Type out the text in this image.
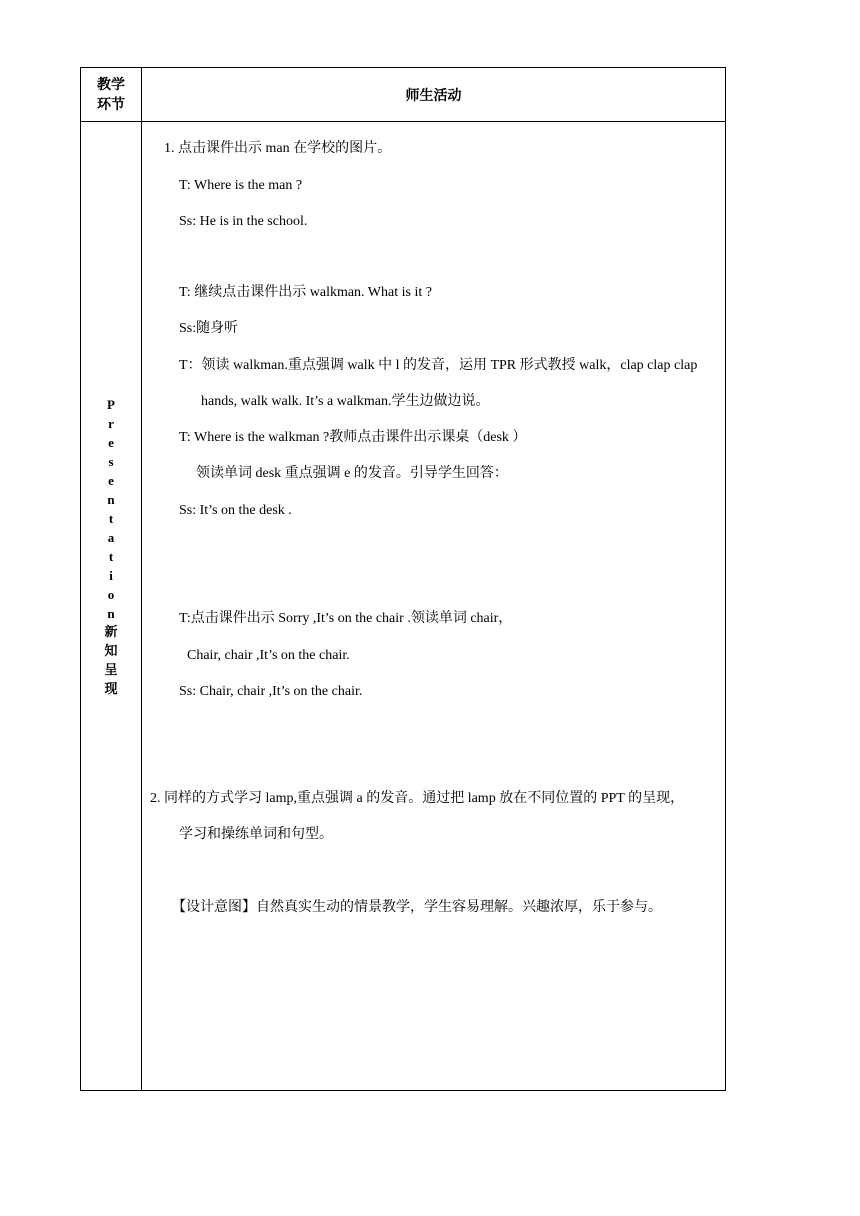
教学
环节
师生活动
P
r
e
s
e
n
t
a
t
i
o
n
新
知
呈
现
1. 点击课件出示 man 在学校的图片。
T: Where is the man ?
Ss: He is in the school.
T: 继续点击课件出示 walkman. What is it ?
Ss:随身听
T：领读 walkman.重点强调 walk 中 l 的发音，运用 TPR 形式教授 walk，clap clap clap
hands, walk walk. It’s a walkman.学生边做边说。
T: Where is the walkman ?教师点击课件出示课桌（desk ）
领读单词 desk 重点强调 e 的发音。引导学生回答：
Ss: It’s on the desk .
T:点击课件出示 Sorry ,It’s on the chair .领读单词 chair，
Chair, chair ,It’s on the chair.
Ss: Chair, chair ,It’s on the chair.
2. 同样的方式学习 lamp,重点强调 a 的发音。通过把 lamp 放在不同位置的 PPT 的呈现，
学习和操练单词和句型。
【设计意图】自然真实生动的情景教学，学生容易理解。兴趣浓厚，乐于参与。
